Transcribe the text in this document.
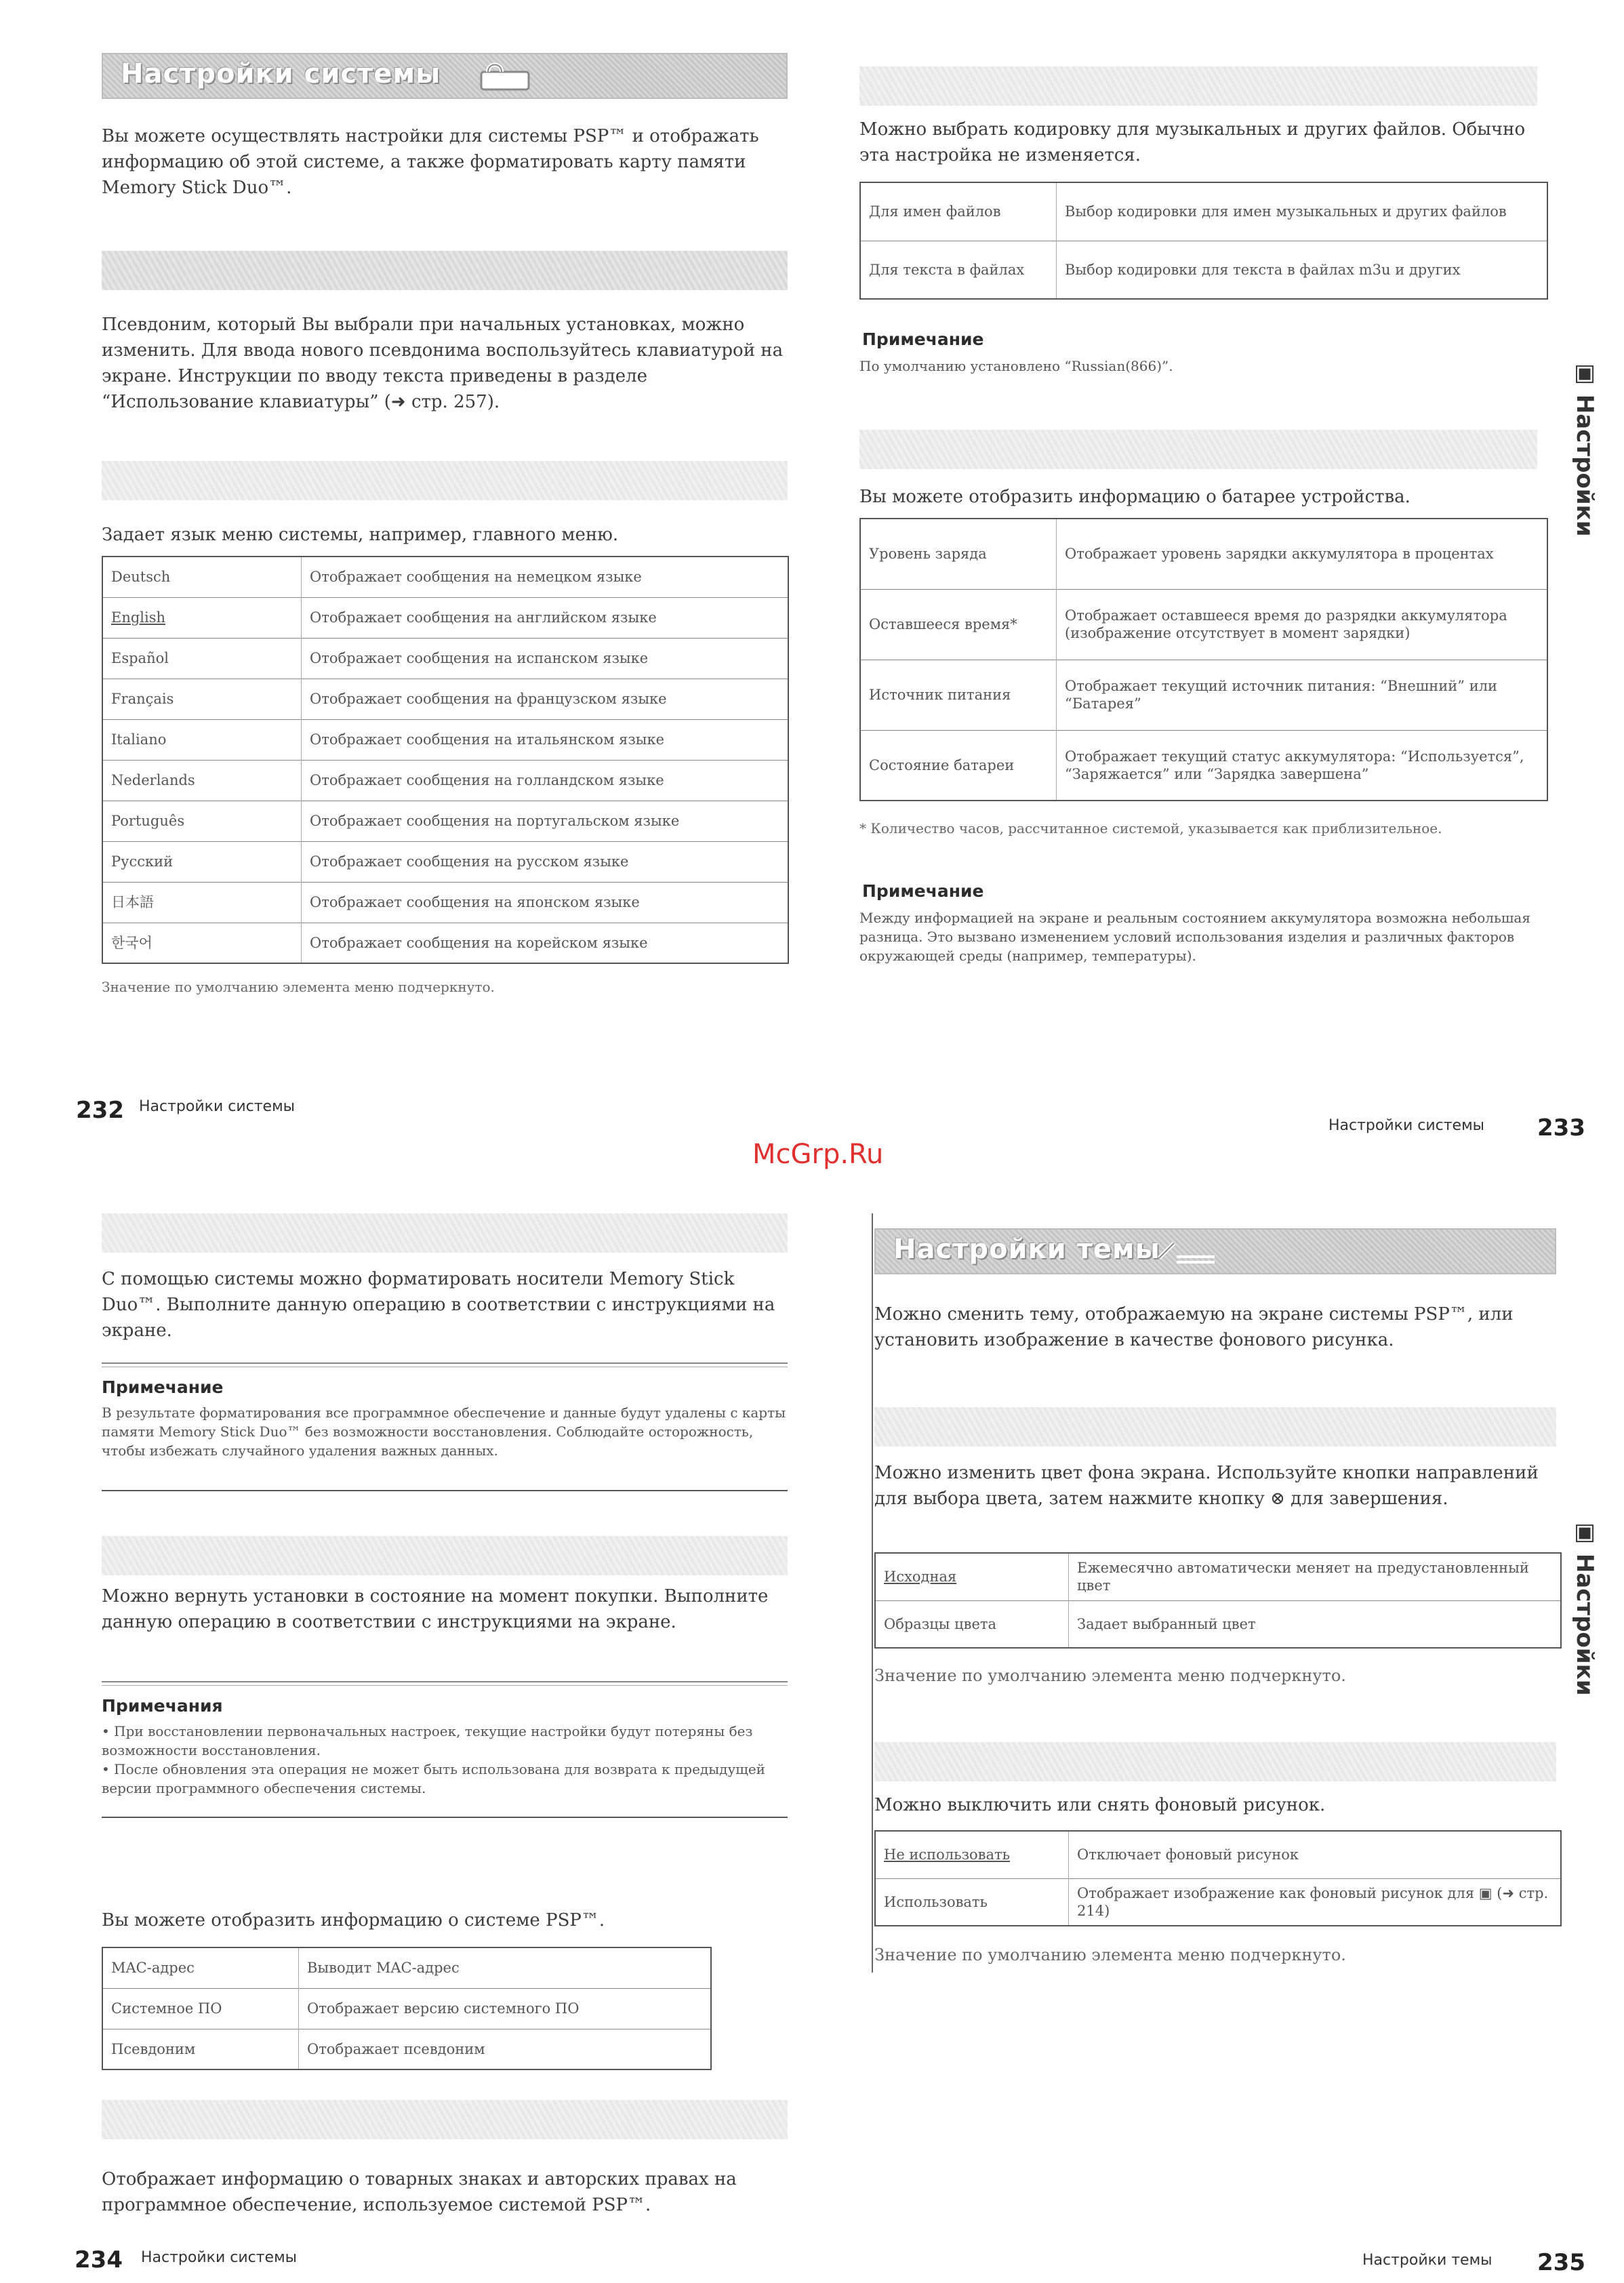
Настройки системы
Вы можете осуществлять настройки для системы PSP™ и отображать информацию об этой системе, а также форматировать карту памяти Memory Stick Duo™.

Псевдоним, который Вы выбрали при начальных установках, можно изменить. Для ввода нового псевдонима воспользуйтесь клавиатурой на экране. Инструкции по вводу текста приведены в разделе “Использование клавиатуры” (➜ стр. 257).
Задает язык меню системы, например, главного меню.
Deutsch	Отображает сообщения на немецком языке
English	Отображает сообщения на английском языке
Español	Отображает сообщения на испанском языке
Français	Отображает сообщения на французском языке
Italiano	Отображает сообщения на итальянском языке
Nederlands	Отображает сообщения на голландском языке
Português	Отображает сообщения на португальском языке
Русский	Отображает сообщения на русском языке
日本語	Отображает сообщения на японском языке
한국어	Отображает сообщения на корейском языке
Значение по умолчанию элемента меню подчеркнуто.
232 Настройки системы
Можно выбрать кодировку для музыкальных и других файлов. Обычно эта настройка не изменяется.
Для имен файлов	Выбор кодировки для имен музыкальных и других файлов
Для текста в файлах	Выбор кодировки для текста в файлах m3u и других
Примечание
По умолчанию установлено “Russian(866)”.
Вы можете отобразить информацию о батарее устройства.
Уровень заряда	Отображает уровень зарядки аккумулятора в процентах
Оставшееся время*	Отображает оставшееся время до разрядки аккумулятора (изображение отсутствует в момент зарядки)
Источник питания	Отображает текущий источник питания: “Внешний” или “Батарея”
Состояние батареи	Отображает текущий статус аккумулятора: “Используется”, “Заряжается” или “Зарядка завершена”
* Количество часов, рассчитанное системой, указывается как приблизительное.
Примечание
Между информацией на экране и реальным состоянием аккумулятора возможна небольшая разница. Это вызвано изменением условий использования изделия и различных факторов окружающей среды (например, температуры).
▣ Настройки
Настройки системы 233
McGrp.Ru
С помощью системы можно форматировать носители Memory Stick Duo™. Выполните данную операцию в соответствии с инструкциями на экране.
Примечание
В результате форматирования все программное обеспечение и данные будут удалены с карты памяти Memory Stick Duo™ без возможности восстановления. Соблюдайте осторожность, чтобы избежать случайного удаления важных данных.
Можно вернуть установки в состояние на момент покупки. Выполните данную операцию в соответствии с инструкциями на экране.
Примечания
• При восстановлении первоначальных настроек, текущие настройки будут потеряны без возможности восстановления.
• После обновления эта операция не может быть использована для возврата к предыдущей версии программного обеспечения системы.
Вы можете отобразить информацию о системе PSP™.
MAC-адрес	Выводит MAC-адрес
Системное ПО	Отображает версию системного ПО
Псевдоним	Отображает псевдоним
Отображает информацию о товарных знаках и авторских правах на программное обеспечение, используемое системой PSP™.
234 Настройки системы
Настройки темы
Можно сменить тему, отображаемую на экране системы PSP™, или установить изображение в качестве фонового рисунка.
Можно изменить цвет фона экрана. Используйте кнопки направлений для выбора цвета, затем нажмите кнопку ⊗ для завершения.
Исходная	Ежемесячно автоматически меняет на предустановленный цвет
Образцы цвета	Задает выбранный цвет
Значение по умолчанию элемента меню подчеркнуто.
Можно выключить или снять фоновый рисунок.
Не использовать	Отключает фоновый рисунок
Использовать	Отображает изображение как фоновый рисунок для ▣ (➜ стр. 214)
Значение по умолчанию элемента меню подчеркнуто.
▣ Настройки
Настройки темы 235
